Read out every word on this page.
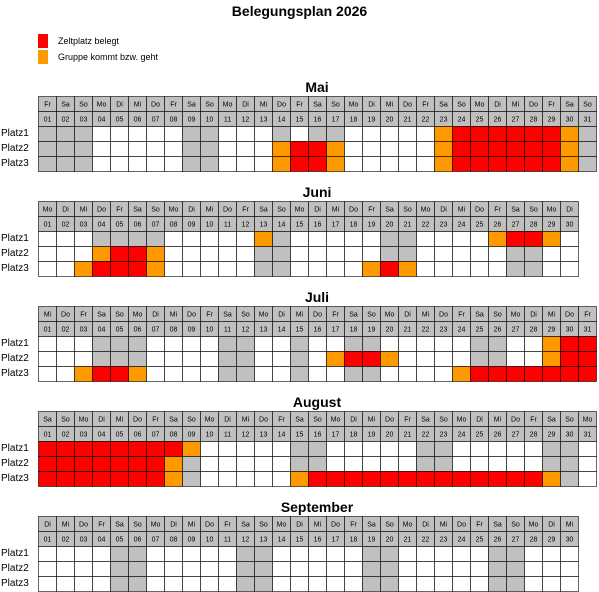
Belegungsplan 2026
Zeltplatz belegt
Gruppe kommt bzw. geht
Mai
Platz1
Platz2
Platz3
Fr
01
Sa
02
So
03
Mo
04
Di
05
Mi
06
Do
07
Fr
08
Sa
09
So
10
Mo
11
Di
12
Mi
13
Do
14
Fr
15
Sa
16
So
17
Mo
18
Di
19
Mi
20
Do
21
Fr
22
Sa
23
So
24
Mo
25
Di
26
Mi
27
Do
28
Fr
29
Sa
30
So
31
Juni
Platz1
Platz2
Platz3
Mo
01
Di
02
Mi
03
Do
04
Fr
05
Sa
06
So
07
Mo
08
Di
09
Mi
10
Do
11
Fr
12
Sa
13
So
14
Mo
15
Di
16
Mi
17
Do
18
Fr
19
Sa
20
So
21
Mo
22
Di
23
Mi
24
Do
25
Fr
26
Sa
27
So
28
Mo
29
Di
30
Juli
Platz1
Platz2
Platz3
Mi
01
Do
02
Fr
03
Sa
04
So
05
Mo
06
Di
07
Mi
08
Do
09
Fr
10
Sa
11
So
12
Mo
13
Di
14
Mi
15
Do
16
Fr
17
Sa
18
So
19
Mo
20
Di
21
Mi
22
Do
23
Fr
24
Sa
25
So
26
Mo
27
Di
28
Mi
29
Do
30
Fr
31
August
Platz1
Platz2
Platz3
Sa
01
So
02
Mo
03
Di
04
Mi
05
Do
06
Fr
07
Sa
08
So
09
Mo
10
Di
11
Mi
12
Do
13
Fr
14
Sa
15
So
16
Mo
17
Di
18
Mi
19
Do
20
Fr
21
Sa
22
So
23
Mo
24
Di
25
Mi
26
Do
27
Fr
28
Sa
29
So
30
Mo
31
September
Platz1
Platz2
Platz3
Di
01
Mi
02
Do
03
Fr
04
Sa
05
So
06
Mo
07
Di
08
Mi
09
Do
10
Fr
11
Sa
12
So
13
Mo
14
Di
15
Mi
16
Do
17
Fr
18
Sa
19
So
20
Mo
21
Di
22
Mi
23
Do
24
Fr
25
Sa
26
So
27
Mo
28
Di
29
Mi
30
